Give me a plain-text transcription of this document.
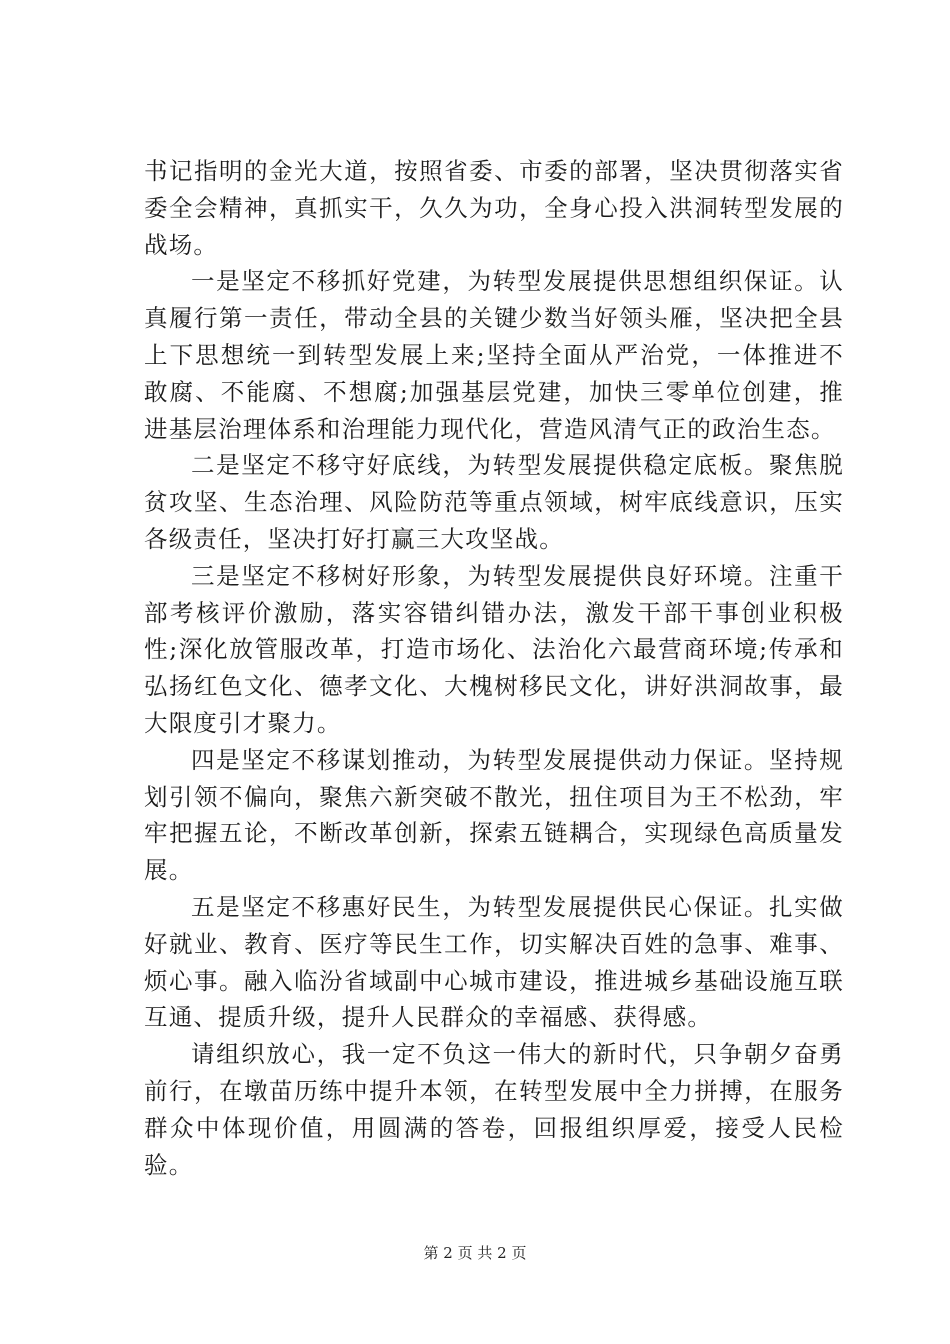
书记指明的金光大道，按照省委、市委的部署，坚决贯彻落实省委全会精神，真抓实干，久久为功，全身心投入洪洞转型发展的战场。

一是坚定不移抓好党建，为转型发展提供思想组织保证。认真履行第一责任，带动全县的关键少数当好领头雁，坚决把全县上下思想统一到转型发展上来;坚持全面从严治党，一体推进不敢腐、不能腐、不想腐;加强基层党建，加快三零单位创建，推进基层治理体系和治理能力现代化，营造风清气正的政治生态。

二是坚定不移守好底线，为转型发展提供稳定底板。聚焦脱贫攻坚、生态治理、风险防范等重点领域，树牢底线意识，压实各级责任，坚决打好打赢三大攻坚战。

三是坚定不移树好形象，为转型发展提供良好环境。注重干部考核评价激励，落实容错纠错办法，激发干部干事创业积极性;深化放管服改革，打造市场化、法治化六最营商环境;传承和弘扬红色文化、德孝文化、大槐树移民文化，讲好洪洞故事，最大限度引才聚力。

四是坚定不移谋划推动，为转型发展提供动力保证。坚持规划引领不偏向，聚焦六新突破不散光，扭住项目为王不松劲，牢牢把握五论，不断改革创新，探索五链耦合，实现绿色高质量发展。

五是坚定不移惠好民生，为转型发展提供民心保证。扎实做好就业、教育、医疗等民生工作，切实解决百姓的急事、难事、烦心事。融入临汾省域副中心城市建设，推进城乡基础设施互联互通、提质升级，提升人民群众的幸福感、获得感。

请组织放心，我一定不负这一伟大的新时代，只争朝夕奋勇前行，在墩苗历练中提升本领，在转型发展中全力拼搏，在服务群众中体现价值，用圆满的答卷，回报组织厚爱，接受人民检验。

第 2 页 共 2 页
